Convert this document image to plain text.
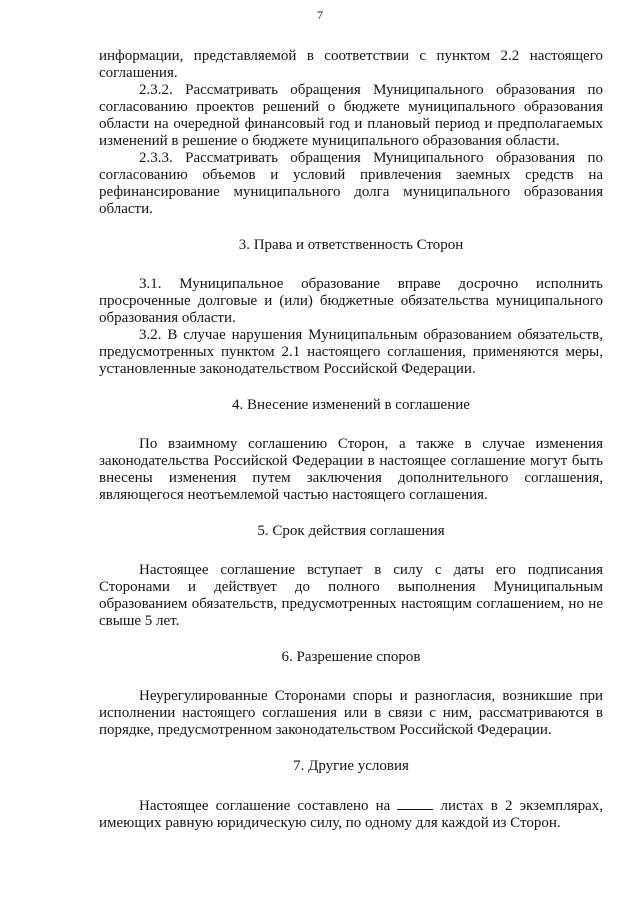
7

информации, представляемой в соответствии с пунктом 2.2 настоящего соглашения.

2.3.2. Рассматривать обращения Муниципального образования по согласованию проектов решений о бюджете муниципального образования области на очередной финансовый год и плановый период и предполагаемых изменений в решение о бюджете муниципального образования области.

2.3.3. Рассматривать обращения Муниципального образования по согласованию объемов и условий привлечения заемных средств на рефинансирование муниципального долга муниципального образования области.

3. Права и ответственность Сторон

3.1. Муниципальное образование вправе досрочно исполнить просроченные долговые и (или) бюджетные обязательства муниципального образования области.

3.2. В случае нарушения Муниципальным образованием обязательств, предусмотренных пунктом 2.1 настоящего соглашения, применяются меры, установленные законодательством Российской Федерации.

4. Внесение изменений в соглашение

По взаимному соглашению Сторон, а также в случае изменения законодательства Российской Федерации в настоящее соглашение могут быть внесены изменения путем заключения дополнительного соглашения, являющегося неотъемлемой частью настоящего соглашения.

5. Срок действия соглашения

Настоящее соглашение вступает в силу с даты его подписания Сторонами и действует до полного выполнения Муниципальным образованием обязательств, предусмотренных настоящим соглашением, но не свыше 5 лет.

6. Разрешение споров

Неурегулированные Сторонами споры и разногласия, возникшие при исполнении настоящего соглашения или в связи с ним, рассматриваются в порядке, предусмотренном законодательством Российской Федерации.

7. Другие условия

Настоящее соглашение составлено на  листах в 2 экземплярах, имеющих равную юридическую силу, по одному для каждой из Сторон.
